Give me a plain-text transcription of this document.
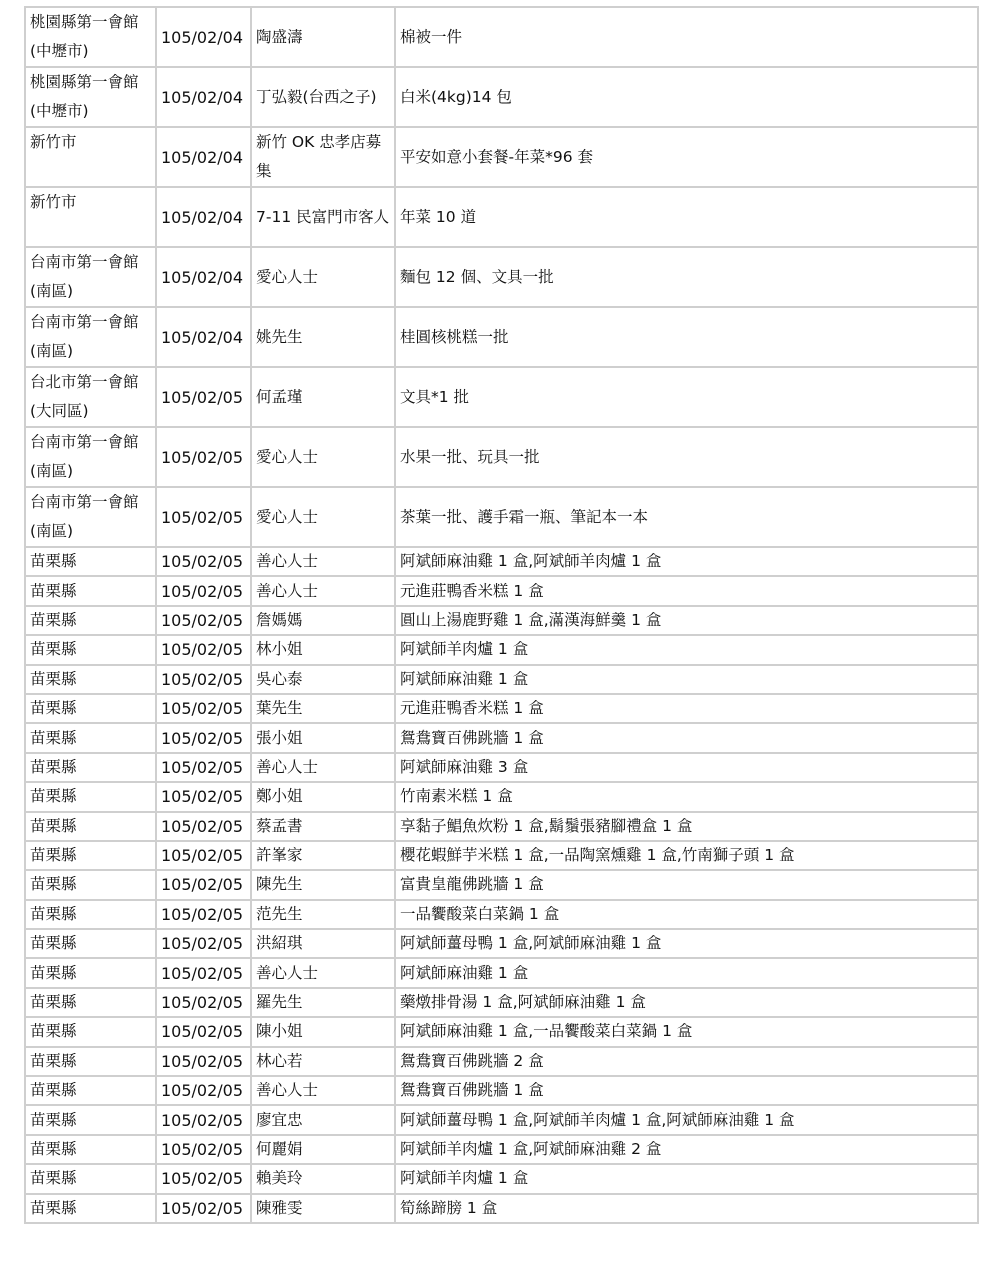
桃園縣第一會館(中壢市)	105/02/04	陶盛濤	棉被一件
桃園縣第一會館(中壢市)	105/02/04	丁弘毅(台西之子)	白米(4kg)14 包
新竹市	105/02/04	新竹 OK 忠孝店募集	平安如意小套餐-年菜*96 套
新竹市	105/02/04	7-11 民富門市客人	年菜 10 道
台南市第一會館(南區)	105/02/04	愛心人士	麵包 12 個、文具一批
台南市第一會館(南區)	105/02/04	姚先生	桂圓核桃糕一批
台北市第一會館(大同區)	105/02/05	何孟瑾	文具*1 批
台南市第一會館(南區)	105/02/05	愛心人士	水果一批、玩具一批
台南市第一會館(南區)	105/02/05	愛心人士	茶葉一批、護手霜一瓶、筆記本一本
苗栗縣	105/02/05	善心人士	阿斌師麻油雞 1 盒,阿斌師羊肉爐 1 盒
苗栗縣	105/02/05	善心人士	元進莊鴨香米糕 1 盒
苗栗縣	105/02/05	詹媽媽	圓山上湯鹿野雞 1 盒,滿漢海鮮羹 1 盒
苗栗縣	105/02/05	林小姐	阿斌師羊肉爐 1 盒
苗栗縣	105/02/05	吳心泰	阿斌師麻油雞 1 盒
苗栗縣	105/02/05	葉先生	元進莊鴨香米糕 1 盒
苗栗縣	105/02/05	張小姐	鴛鴦寶百佛跳牆 1 盒
苗栗縣	105/02/05	善心人士	阿斌師麻油雞 3 盒
苗栗縣	105/02/05	鄭小姐	竹南素米糕 1 盒
苗栗縣	105/02/05	蔡孟書	享黏子鯧魚炊粉 1 盒,鬍鬚張豬腳禮盒 1 盒
苗栗縣	105/02/05	許峯家	櫻花蝦鮮芋米糕 1 盒,一品陶窯燻雞 1 盒,竹南獅子頭 1 盒
苗栗縣	105/02/05	陳先生	富貴皇龍佛跳牆 1 盒
苗栗縣	105/02/05	范先生	一品饗酸菜白菜鍋 1 盒
苗栗縣	105/02/05	洪紹琪	阿斌師薑母鴨 1 盒,阿斌師麻油雞 1 盒
苗栗縣	105/02/05	善心人士	阿斌師麻油雞 1 盒
苗栗縣	105/02/05	羅先生	藥燉排骨湯 1 盒,阿斌師麻油雞 1 盒
苗栗縣	105/02/05	陳小姐	阿斌師麻油雞 1 盒,一品饗酸菜白菜鍋 1 盒
苗栗縣	105/02/05	林心若	鴛鴦寶百佛跳牆 2 盒
苗栗縣	105/02/05	善心人士	鴛鴦寶百佛跳牆 1 盒
苗栗縣	105/02/05	廖宜忠	阿斌師薑母鴨 1 盒,阿斌師羊肉爐 1 盒,阿斌師麻油雞 1 盒
苗栗縣	105/02/05	何麗娟	阿斌師羊肉爐 1 盒,阿斌師麻油雞 2 盒
苗栗縣	105/02/05	賴美玲	阿斌師羊肉爐 1 盒
苗栗縣	105/02/05	陳雅雯	筍絲蹄膀 1 盒
